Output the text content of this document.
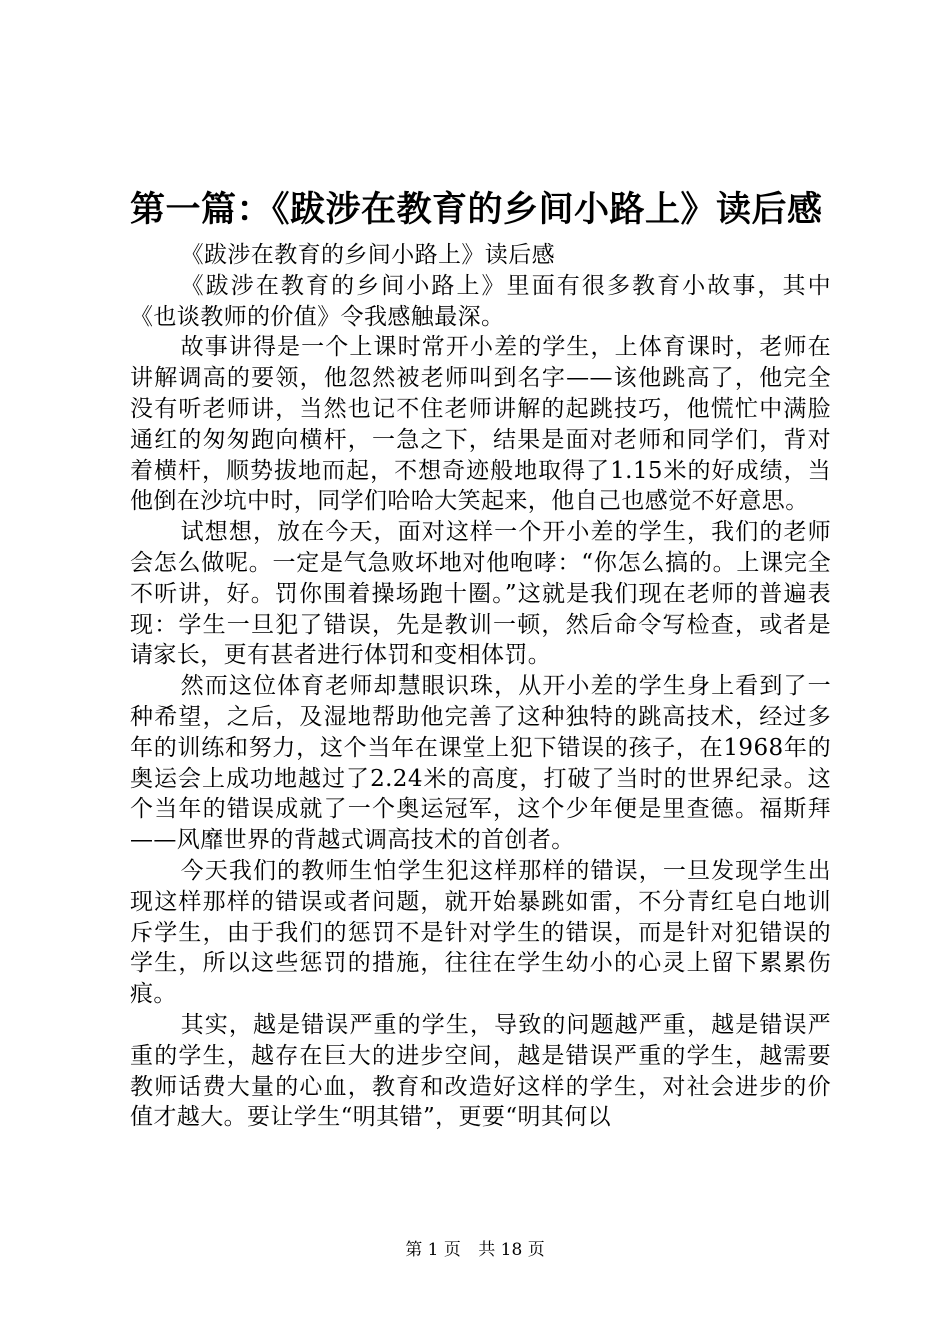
第一篇：《跋涉在教育的乡间小路上》读后感

《跋涉在教育的乡间小路上》读后感

《跋涉在教育的乡间小路上》里面有很多教育小故事，其中《也谈教师的价值》令我感触最深。

故事讲得是一个上课时常开小差的学生，上体育课时，老师在讲解调高的要领，他忽然被老师叫到名字——该他跳高了，他完全没有听老师讲，当然也记不住老师讲解的起跳技巧，他慌忙中满脸通红的匆匆跑向横杆，一急之下，结果是面对老师和同学们，背对着横杆，顺势拔地而起，不想奇迹般地取得了1.15米的好成绩，当他倒在沙坑中时，同学们哈哈大笑起来，他自己也感觉不好意思。

试想想，放在今天，面对这样一个开小差的学生，我们的老师会怎么做呢。一定是气急败坏地对他咆哮：“你怎么搞的。上课完全不听讲，好。罚你围着操场跑十圈。”这就是我们现在老师的普遍表现：学生一旦犯了错误，先是教训一顿，然后命令写检查，或者是请家长，更有甚者进行体罚和变相体罚。

然而这位体育老师却慧眼识珠，从开小差的学生身上看到了一种希望，之后，及湿地帮助他完善了这种独特的跳高技术，经过多年的训练和努力，这个当年在课堂上犯下错误的孩子，在1968年的奥运会上成功地越过了2.24米的高度，打破了当时的世界纪录。这个当年的错误成就了一个奥运冠军，这个少年便是里查德。福斯拜——风靡世界的背越式调高技术的首创者。

今天我们的教师生怕学生犯这样那样的错误，一旦发现学生出现这样那样的错误或者问题，就开始暴跳如雷，不分青红皂白地训斥学生，由于我们的惩罚不是针对学生的错误，而是针对犯错误的学生，所以这些惩罚的措施，往往在学生幼小的心灵上留下累累伤痕。

其实，越是错误严重的学生，导致的问题越严重，越是错误严重的学生，越存在巨大的进步空间，越是错误严重的学生，越需要教师话费大量的心血，教育和改造好这样的学生，对社会进步的价值才越大。要让学生“明其错”，更要“明其何以

第 1 页 共 18 页
